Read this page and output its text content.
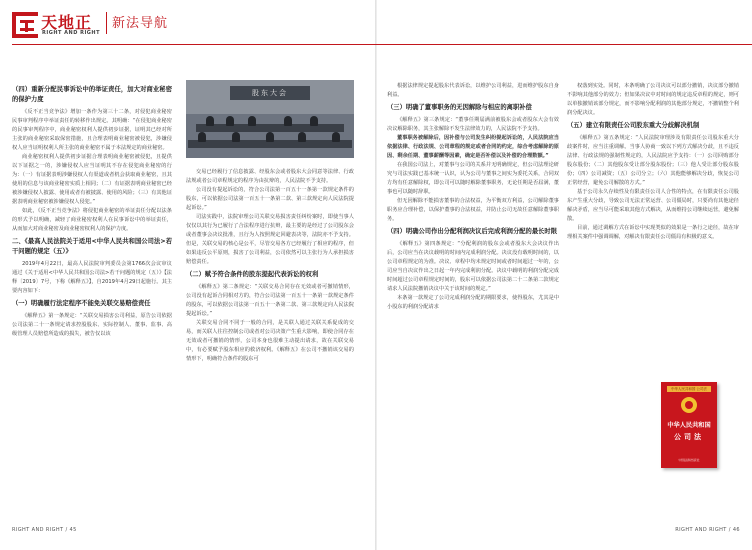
（四）重新分配民事诉讼中的举证责任，加大对商业秘密的保护力度

《反不正当竞争法》增加一条作为第三十二条，对侵犯商业秘密民事审判程序中举证责任的转移作出规定。其明确：“在侵犯商业秘密的民事审判程序中，商业秘密权利人提供初步证据，证明其已经对所主张的商业秘密采取保密措施，且合理表明商业秘密被侵犯，涉嫌侵权人应当证明权利人所主张的商业秘密不属于本法规定的商业秘密。

商业秘密权利人提供初步证据合理表明商业秘密被侵犯，且提供以下证据之一的，涉嫌侵权人应当证明其不存在侵犯商业秘密的行为：（一）有证据表明涉嫌侵权人有渠道或者机会获取商业秘密，且其使用的信息与该商业秘密实质上相同；（二）有证据表明商业秘密已经被涉嫌侵权人披露、使用或者有被披露、使用的风险；（三）有其他证据表明商业秘密被涉嫌侵权人侵犯。”

如此，《反不正当竞争法》将侵犯商业秘密的举证责任分配以法条的形式予以明确，减轻了商业秘密权利人在民事诉讼中的举证责任，从而加大对商业秘密及商业秘密权利人的保护力度。

二、《最高人民法院关于适用<中华人民共和国公司法>若干问题的规定（五）》

2019年4月22日，最高人民法院审判委员会第1766次会议审议通过《关于适用<中华人民共和国公司法>若干问题的规定（五）》【法释〔2019〕7号，下称《解释五》】，自2019年4月29日起施行。其主要内容如下：

（一）明确履行法定程序不能免关联交易赔偿责任

《解释五》第一条规定：“关联交易损害公司利益，原告公司依据公司法第二十一条规定请求控股股东、实际控制人、董事、监事、高级管理人员赔偿所造成的损失，被告仅以该

交易已经履行了信息披露、经股东会或者股东大会同意等法律、行政法规或者公司章程规定的程序为由抗辩的，人民法院不予支持。

公司没有提起诉讼的，符合公司法第一百五十一条第一款规定条件的股东，可以依据公司法第一百五十一条第二款、第三款规定向人民法院提起诉讼。”

司法实践中，法院审理公司关联交易损害责任纠纷案时，即使当事人仅仅以其行为已履行了合法程序进行抗辩，最主要的是经过了公司股东会或者董事会决议批准，且行为人按照规定回避表决等，法院亦不予支持。但是，关联交易的核心是公平，尽管交易各方已经履行了相应的程序，但如果违反公平原则，损害了公司利益，公司依然可以主张行为人承担损害赔偿责任。

（二）赋予符合条件的股东提起代表诉讼的权利

《解释五》第二条规定：“关联交易合同存在无效或者可撤销情形，公司没有起诉合同相对方的，符合公司法第一百五十一条第一款规定条件的股东，可以依据公司法第一百五十一条第二款、第三款规定向人民法院提起诉讼。”

关联交易合同不同于一般的合同，是关联人通过关联关系促成的交易，而关联人往往控制公司或者对公司决策产生重大影响，即使合同存在无效或者可撤销的情形，公司本身也很难主动提出请求，故在关联交易中，有必要赋予股东相应的救济权利。《解释五》在公司不撤销该交易的情形下，明确符合条件的股东可

股东大会
RIGHT AND RIGHT / 45

根据法律规定提起股东代表诉讼，以维护公司利益，进而维护股东自身利益。

（三）明确了董事职务的无因解除与相应的离职补偿

《解释五》第三条规定：“董事任期届满前被股东会或者股东大会有效决议解除职务，其主张解除不发生法律效力的，人民法院不予支持。

董事职务被解除后，因补偿与公司发生纠纷提起诉讼的，人民法院应当依据法律、行政法规、公司章程的规定或者合同的约定，综合考虑解除的原因、剩余任期、董事薪酬等因素，确定是否补偿以及补偿的合理数额。”

在我国公司法上，对董事与公司的关系并无明确规定，但公司法理论研究与司法实践已基本统一认识，认为公司与董事之间实为委托关系，合同双方均有任意解除权，即公司可以随时解除董事职务，无论任期是否届满，董事也可以随时辞职。

但无因解除不能损害董事的合法权益，为平衡双方利益，公司解除董事职务应合理补偿，以保护董事的合法权益，并防止公司无故任意解除董事职务。

（四）明确公司作出分配利润决议后完成利润分配的最长时限

《解释五》第四条规定：“分配利润的股东会或者股东大会决议作出后，公司应当在决议载明的时间内完成利润分配。决议没有载明时间的，以公司章程规定的为准。决议、章程中均未规定时间或者时间超过一年的，公司应当自决议作出之日起一年内完成利润分配。决议中载明的利润分配完成时间超过公司章程规定时间的，股东可以依据公司法第二十二条第二款规定请求人民法院撤销决议中关于该时间的规定。”

本条第一款规定了公司完成利润分配的期限要求，使得股东，尤其是中小股东的利润分配请求

权落到实处。同时，本条明确了公司决议可以部分撤销，决议部分撤销不影响其他部分的效力；但如果决议中对时间的规定违反章程的规定，则可以单独撤销该部分规定，而不影响分配利润的其他部分规定，不撤销整个利润分配决议。

（五）建立有限责任公司股东重大分歧解决机制

《解释五》第五条规定：“人民法院审理涉及有限责任公司股东重大分歧案件时，应当注重调解。当事人协商一致以下列方式解决分歧，且不违反法律、行政法规的强制性规定的，人民法院应予支持：（一）公司回购部分股东股份；（二）其他股东受让部分股东股份；（三）他人受让部分股东股份；（四）公司减资；（五）公司分立；（六）其他能够解决分歧，恢复公司正常经营，避免公司解散的方式。”

基于公司永久存续性及有限责任公司人合性的特点，在有限责任公司股东产生重大分歧，导致公司无法正常运营、公司僵局时，只要尚有其他途径解决矛盾，应当尽可能采取其他方式解决，从而维持公司继续运营，避免解散。

目前，通过调解方式在诉讼中实现类似的效果是一条行之途径，故在审理相关案件中强调调解，对解决有限责任公司僵局有积极的意义。

中华人民共和国 公司法
中华人民共和国
公司法
中国法制出版社
RIGHT AND RIGHT / 46
天地正
RIGHT AND RIGHT
新法导航
